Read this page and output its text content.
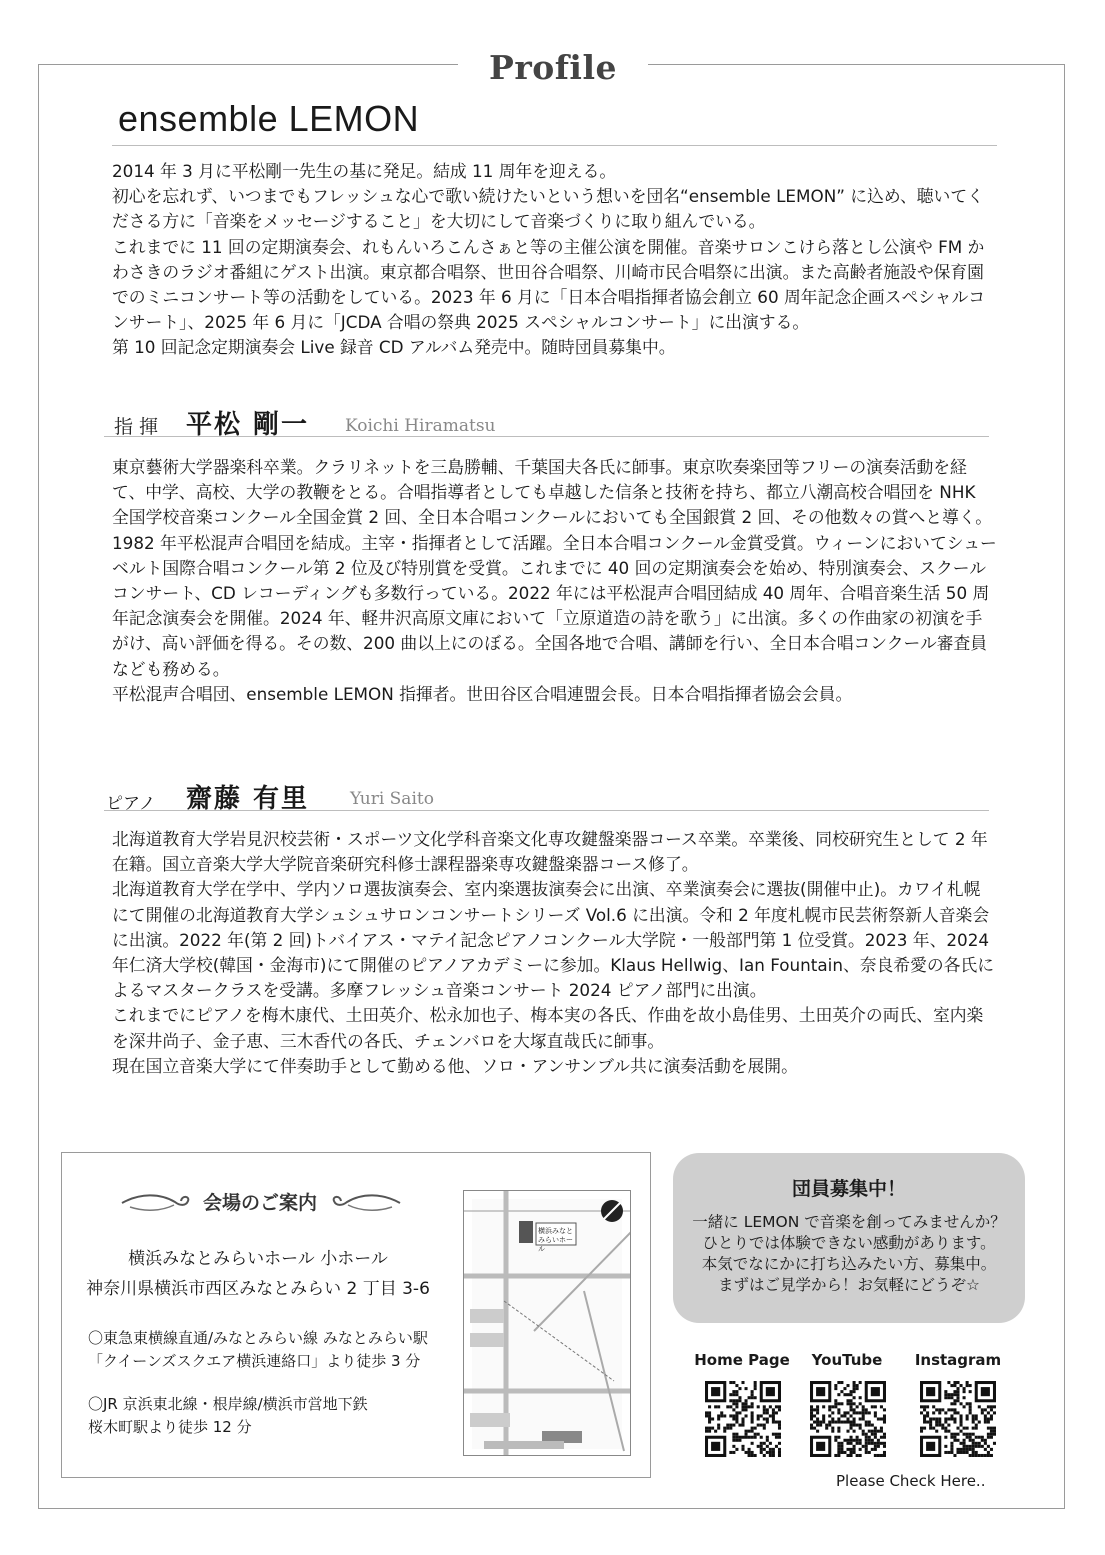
Profile
ensemble LEMON

2014 年 3 月に平松剛一先生の基に発足。結成 11 周年を迎える。

初心を忘れず、いつまでもフレッシュな心で歌い続けたいという想いを団名“ensemble LEMON” に込め、聴いてくださる方に「音楽をメッセージすること」を大切にして音楽づくりに取り組んでいる。

これまでに 11 回の定期演奏会、れもんいろこんさぁと等の主催公演を開催。音楽サロンこけら落とし公演や FM かわさきのラジオ番組にゲスト出演。東京都合唱祭、世田谷合唱祭、川崎市民合唱祭に出演。また高齢者施設や保育園でのミニコンサート等の活動をしている。2023 年 6 月に「日本合唱指揮者協会創立 60 周年記念企画スペシャルコンサート」、2025 年 6 月に「JCDA 合唱の祭典 2025 スペシャルコンサート」に出演する。

第 10 回記念定期演奏会 Live 録音 CD アルバム発売中。随時団員募集中。

指 揮 平松 剛一 Koichi Hiramatsu

東京藝術大学器楽科卒業。クラリネットを三島勝輔、千葉国夫各氏に師事。東京吹奏楽団等フリーの演奏活動を経て、中学、高校、大学の教鞭をとる。合唱指導者としても卓越した信条と技術を持ち、都立八潮高校合唱団を NHK 全国学校音楽コンクール全国金賞 2 回、全日本合唱コンクールにおいても全国銀賞 2 回、その他数々の賞へと導く。

1982 年平松混声合唱団を結成。主宰・指揮者として活躍。全日本合唱コンクール金賞受賞。ウィーンにおいてシューベルト国際合唱コンクール第 2 位及び特別賞を受賞。これまでに 40 回の定期演奏会を始め、特別演奏会、スクールコンサート、CD レコーディングも多数行っている。2022 年には平松混声合唱団結成 40 周年、合唱音楽生活 50 周年記念演奏会を開催。2024 年、軽井沢高原文庫において「立原道造の詩を歌う」に出演。多くの作曲家の初演を手がけ、高い評価を得る。その数、200 曲以上にのぼる。全国各地で合唱、講師を行い、全日本合唱コンクール審査員なども務める。

平松混声合唱団、ensemble LEMON 指揮者。世田谷区合唱連盟会長。日本合唱指揮者協会会員。

ピアノ 齋藤 有里 Yuri Saito

北海道教育大学岩見沢校芸術・スポーツ文化学科音楽文化専攻鍵盤楽器コース卒業。卒業後、同校研究生として 2 年在籍。国立音楽大学大学院音楽研究科修士課程器楽専攻鍵盤楽器コース修了。

北海道教育大学在学中、学内ソロ選抜演奏会、室内楽選抜演奏会に出演、卒業演奏会に選抜(開催中止)。カワイ札幌にて開催の北海道教育大学シュシュサロンコンサートシリーズ Vol.6 に出演。令和 2 年度札幌市民芸術祭新人音楽会に出演。2022 年(第 2 回)トバイアス・マテイ記念ピアノコンクール大学院・一般部門第 1 位受賞。2023 年、2024 年仁済大学校(韓国・金海市)にて開催のピアノアカデミーに参加。Klaus Hellwig、Ian Fountain、奈良希愛の各氏によるマスタークラスを受講。多摩フレッシュ音楽コンサート 2024 ピアノ部門に出演。

これまでにピアノを梅木康代、土田英介、松永加也子、梅本実の各氏、作曲を故小島佳男、土田英介の両氏、室内楽を深井尚子、金子恵、三木香代の各氏、チェンバロを大塚直哉氏に師事。

現在国立音楽大学にて伴奏助手として勤める他、ソロ・アンサンブル共に演奏活動を展開。

会場のご案内
横浜みなとみらいホール 小ホール
神奈川県横浜市西区みなとみらい 2 丁目 3-6
〇東急東横線直通/みなとみらい線 みなとみらい駅
「クイーンズスクエア横浜連絡口」より徒歩 3 分
〇JR 京浜東北線・根岸線/横浜市営地下鉄
桜木町駅より徒歩 12 分
横浜みなとみらいホール
団員募集中！
一緒に LEMON で音楽を創ってみませんか？
ひとりでは体験できない感動があります。
本気でなにかに打ち込みたい方、募集中。
まずはご見学から！お気軽にどうぞ☆
Home Page	YouTube	Instagram
Please Check Here..
